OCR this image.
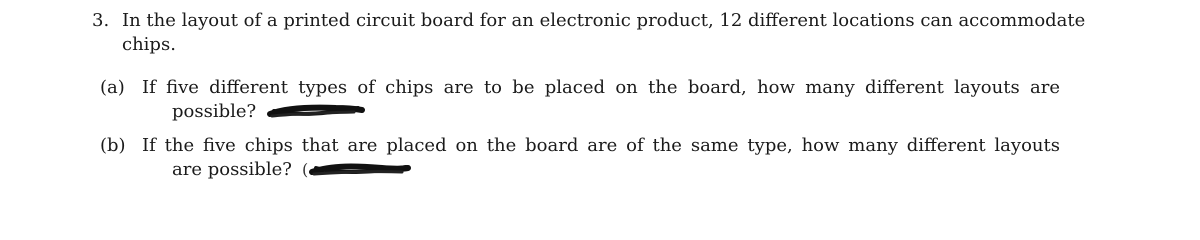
3. In the layout of a printed circuit board for an electronic product, 12 different locations can accommodate
chips.
(a) If five different types of chips are to be placed on the board, how many different layouts are
possible?
(b) If the five chips that are placed on the board are of the same type, how many different layouts
are possible? (
